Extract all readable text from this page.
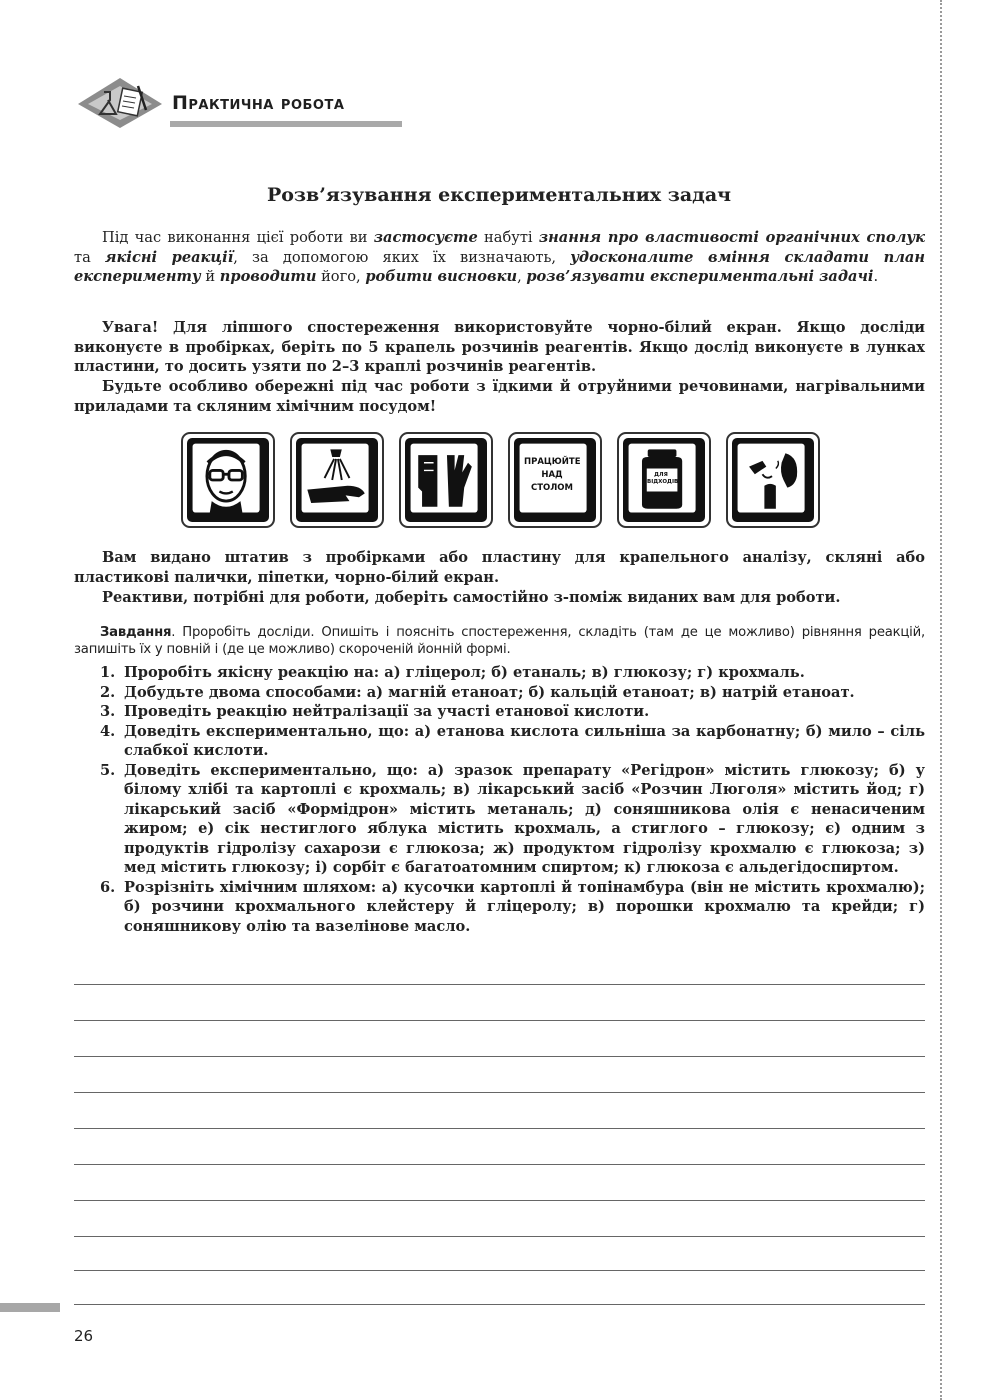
Практична робота
Розв’язування експериментальних задач

Під час виконання цієї роботи ви застосуєте набуті знання про властивості органічних сполук та якісні реакції, за допомогою яких їх визначають, удосконалите вміння складати план експерименту й проводити його, робити висновки, розв’язувати експериментальні задачі.

Увага! Для ліпшого спостереження використовуйте чорно-білий екран. Якщо досліди виконуєте в пробірках, беріть по 5 крапель розчинів реагентів. Якщо дослід виконуєте в лунках пластини, то досить узяти по 2–3 краплі розчинів реагентів.

Будьте особливо обережні під час роботи з їдкими й отруйними речовинами, нагрівальними приладами та скляним хімічним посудом!

ПРАЦЮЙТЕ НАД СТОЛОМ
ДЛЯ ВІДХОДІВ

Вам видано штатив з пробірками або пластину для крапельного аналізу, скляні або пластикові палички, піпетки, чорно-білий екран.

Реактиви, потрібні для роботи, доберіть самостійно з-поміж виданих вам для роботи.

Завдання. Проробіть досліди. Опишіть і поясніть спостереження, складіть (там де це можливо) рівняння реакцій, запишіть їх у повній і (де це можливо) скороченій йонній формі.
1. Проробіть якісну реакцію на: а) гліцерол; б) етаналь; в) глюкозу; г) крохмаль.
2. Добудьте двома способами: а) магній етаноат; б) кальцій етаноат; в) натрій етаноат.
3. Проведіть реакцію нейтралізації за участі етанової кислоти.
4. Доведіть експериментально, що: а) етанова кислота сильніша за карбонатну; б) мило – сіль слабкої кислоти.
5. Доведіть експериментально, що: а) зразок препарату «Регідрон» містить глюкозу; б) у білому хлібі та картоплі є крохмаль; в) лікарський засіб «Розчин Люголя» містить йод; г) лікарський засіб «Формідрон» містить метаналь; д) соняшникова олія є ненасиченим жиром; е) сік нестиглого яблука містить крохмаль, а стиглого – глюкозу; є) одним з продуктів гідролізу сахарози є глюкоза; ж) продуктом гідролізу крохмалю є глюкоза; з) мед містить глюкозу; і) сорбіт є багатоатомним спиртом; к) глюкоза є альдегідоспиртом.
6. Розрізніть хімічним шляхом: а) кусочки картоплі й топінамбура (він не містить крохмалю); б) розчини крохмального клейстеру й гліцеролу; в) порошки крохмалю та крейди; г) соняшникову олію та вазелінове масло.
26
